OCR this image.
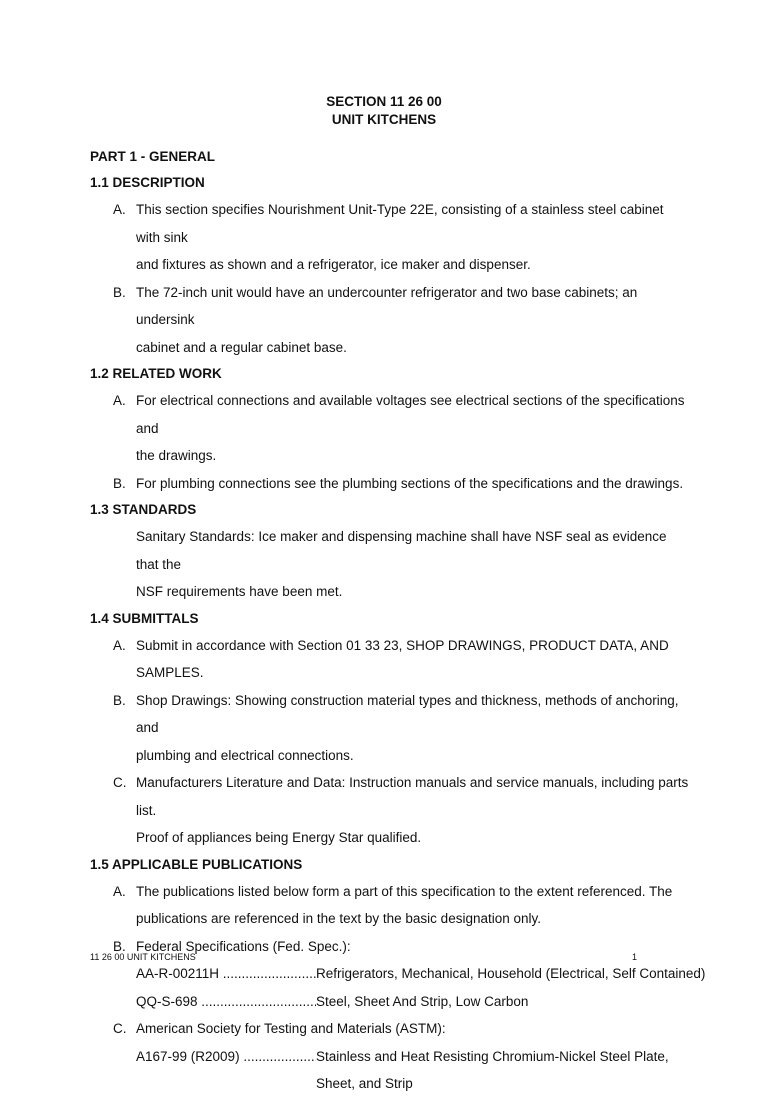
SECTION 11 26 00
UNIT KITCHENS
PART 1 - GENERAL
1.1 DESCRIPTION
A. This section specifies Nourishment Unit-Type 22E, consisting of a stainless steel cabinet with sink
and fixtures as shown and a refrigerator, ice maker and dispenser.
B. The 72-inch unit would have an undercounter refrigerator and two base cabinets; an undersink
cabinet and a regular cabinet base.
1.2 RELATED WORK
A. For electrical connections and available voltages see electrical sections of the specifications and
the drawings.
B. For plumbing connections see the plumbing sections of the specifications and the drawings.
1.3 STANDARDS
Sanitary Standards: Ice maker and dispensing machine shall have NSF seal as evidence that the
NSF requirements have been met.
1.4 SUBMITTALS
A. Submit in accordance with Section 01 33 23, SHOP DRAWINGS, PRODUCT DATA, AND
SAMPLES.
B. Shop Drawings: Showing construction material types and thickness, methods of anchoring, and
plumbing and electrical connections.
C. Manufacturers Literature and Data: Instruction manuals and service manuals, including parts list.
Proof of appliances being Energy Star qualified.
1.5 APPLICABLE PUBLICATIONS
A. The publications listed below form a part of this specification to the extent referenced. The
publications are referenced in the text by the basic designation only.
B. Federal Specifications (Fed. Spec.):
AA-R-00211H .....	Refrigerators, Mechanical, Household (Electrical, Self Contained)
QQ-S-698 .....	Steel, Sheet And Strip, Low Carbon
C. American Society for Testing and Materials (ASTM):
A167-99 (R2009) .....	Stainless and Heat Resisting Chromium-Nickel Steel Plate,
Sheet, and Strip
11 26 00 UNIT KITCHENS	1
